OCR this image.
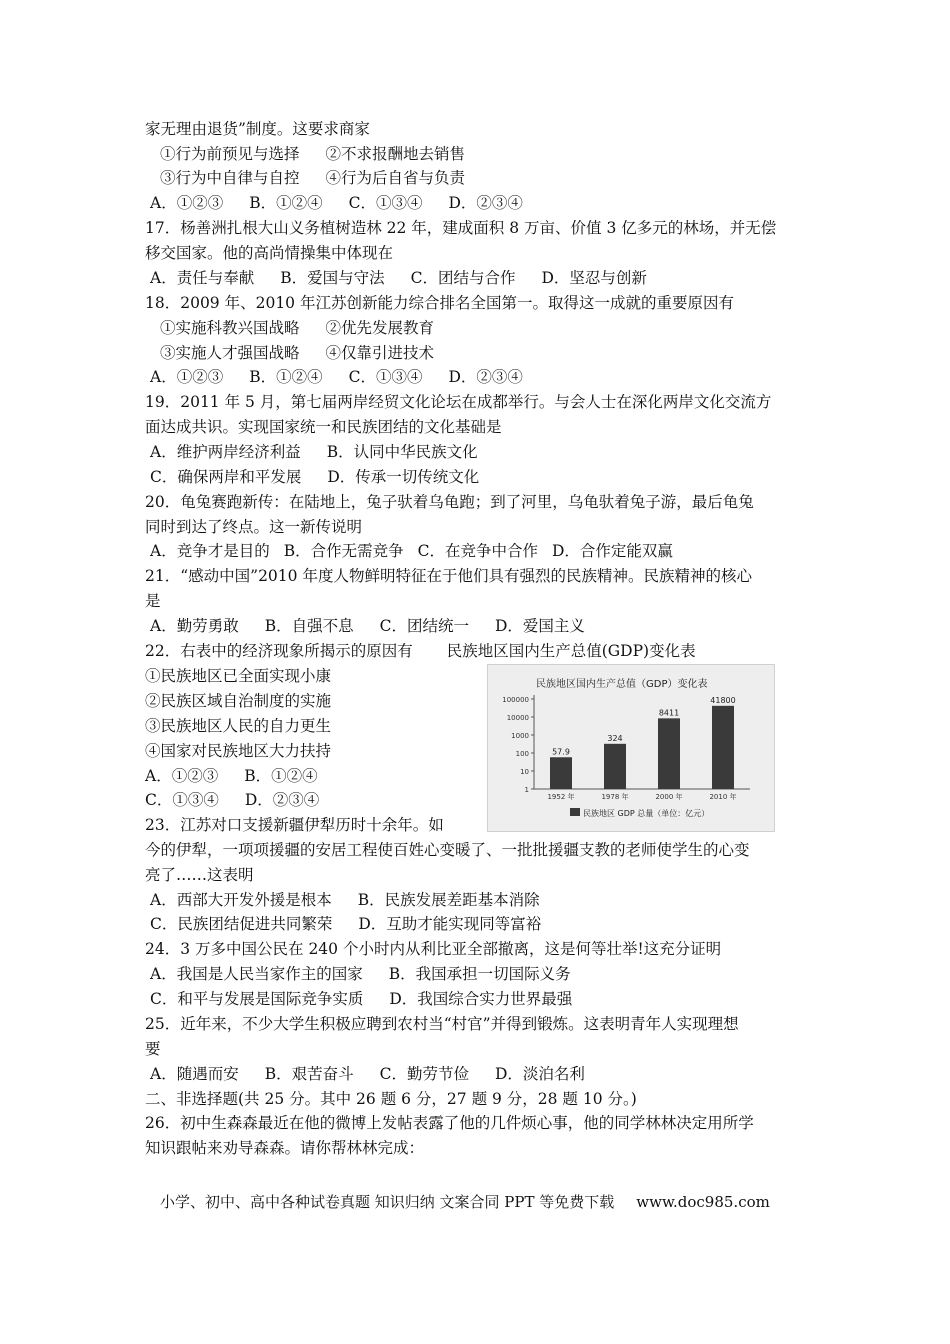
家无理由退货”制度。这要求商家
①行为前预见与选择 ②不求报酬地去销售
③行为中自律与自控 ④行为后自省与负责
A．①②③ B．①②④ C．①③④ D．②③④
17．杨善洲扎根大山义务植树造林 22 年，建成面积 8 万亩、价值 3 亿多元的林场，并无偿
移交国家。他的高尚情操集中体现在
A．责任与奉献 B．爱国与守法 C．团结与合作 D．坚忍与创新
18．2009 年、2010 年江苏创新能力综合排名全国第一。取得这一成就的重要原因有
①实施科教兴国战略 ②优先发展教育
③实施人才强国战略 ④仅靠引进技术
A．①②③ B．①②④ C．①③④ D．②③④
19．2011 年 5 月，第七届两岸经贸文化论坛在成都举行。与会人士在深化两岸文化交流方
面达成共识。实现国家统一和民族团结的文化基础是
A．维护两岸经济利益 B．认同中华民族文化
C．确保两岸和平发展 D．传承一切传统文化
20．龟兔赛跑新传：在陆地上，兔子驮着乌龟跑；到了河里，乌龟驮着兔子游，最后龟兔
同时到达了终点。这一新传说明
A．竞争才是目的 B．合作无需竞争 C．在竞争中合作 D．合作定能双赢
21．“感动中国”2010 年度人物鲜明特征在于他们具有强烈的民族精神。民族精神的核心
是
A．勤劳勇敢 B．自强不息 C．团结统一 D．爱国主义
22．右表中的经济现象所揭示的原因有 民族地区国内生产总值(GDP)变化表
①民族地区已全面实现小康
②民族区域自治制度的实施
③民族地区人民的自力更生
④国家对民族地区大力扶持
A．①②③ B．①②④
C．①③④ D．②③④
民族地区国内生产总值（GDP）变化表
1
10
100
1000
10000
100000
57.9
1952 年
324
1978 年
8411
2000 年
41800
2010 年
民族地区 GDP 总量（单位：亿元）
23．江苏对口支援新疆伊犁历时十余年。如
今的伊犁，一项项援疆的安居工程使百姓心变暖了、一批批援疆支教的老师使学生的心变
亮了……这表明
A．西部大开发外援是根本 B．民族发展差距基本消除
C．民族团结促进共同繁荣 D．互助才能实现同等富裕
24．3 万多中国公民在 240 个小时内从利比亚全部撤离，这是何等壮举!这充分证明
A．我国是人民当家作主的国家 B．我国承担一切国际义务
C．和平与发展是国际竞争实质 D．我国综合实力世界最强
25．近年来，不少大学生积极应聘到农村当“村官”并得到锻炼。这表明青年人实现理想
要
A．随遇而安 B．艰苦奋斗 C．勤劳节俭 D．淡泊名利
二、非选择题(共 25 分。其中 26 题 6 分，27 题 9 分，28 题 10 分。)
26．初中生森森最近在他的微博上发帖表露了他的几件烦心事，他的同学林林决定用所学
知识跟帖来劝导森森。请你帮林林完成：
小学、初中、高中各种试卷真题 知识归纳 文案合同 PPT 等免费下载 www.doc985.com
